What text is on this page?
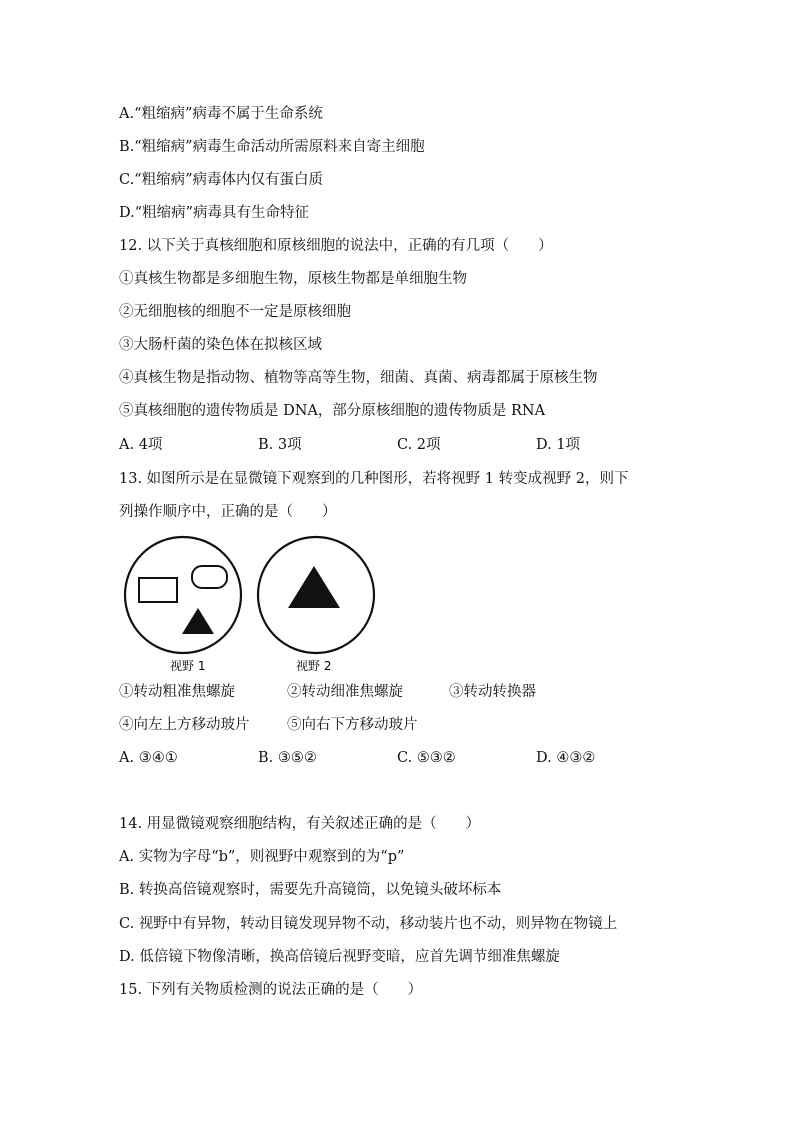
A.“粗缩病”病毒不属于生命系统
B.“粗缩病”病毒生命活动所需原料来自寄主细胞
C.“粗缩病”病毒体内仅有蛋白质
D.“粗缩病”病毒具有生命特征
12. 以下关于真核细胞和原核细胞的说法中，正确的有几项（　　）
①真核生物都是多细胞生物，原核生物都是单细胞生物
②无细胞核的细胞不一定是原核细胞
③大肠杆菌的染色体在拟核区域
④真核生物是指动物、植物等高等生物，细菌、真菌、病毒都属于原核生物
⑤真核细胞的遗传物质是 DNA，部分原核细胞的遗传物质是 RNA
A. 4项	B. 3项	C. 2项	D. 1项
13. 如图所示是在显微镜下观察到的几种图形，若将视野 1 转变成视野 2，则下
列操作顺序中，正确的是（　　）
视野 1	视野 2
①转动粗准焦螺旋	②转动细准焦螺旋	③转动转换器
④向左上方移动玻片	⑤向右下方移动玻片
A. ③④①	B. ③⑤②	C. ⑤③②	D. ④③②
14. 用显微镜观察细胞结构，有关叙述正确的是（　　）
A. 实物为字母“b”，则视野中观察到的为“p”
B. 转换高倍镜观察时，需要先升高镜筒，以免镜头破坏标本
C. 视野中有异物，转动目镜发现异物不动，移动装片也不动，则异物在物镜上
D. 低倍镜下物像清晰，换高倍镜后视野变暗，应首先调节细准焦螺旋
15. 下列有关物质检测的说法正确的是（　　）
